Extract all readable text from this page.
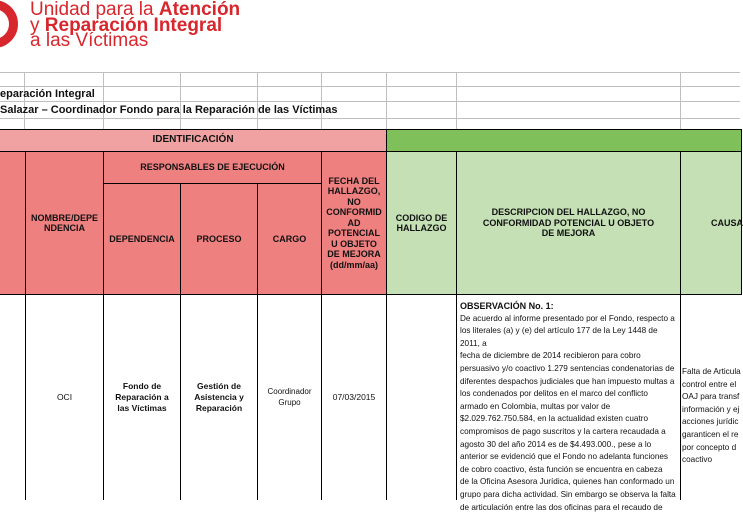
Unidad para la Atención
y Reparación Integral
a las Víctimas
eparación Integral
Salazar – Coordinador Fondo para la Reparación de las Víctimas
IDENTIFICACIÓN
NOMBRE/DEPE NDENCIA
RESPONSABLES DE EJECUCIÓN
DEPENDENCIA	PROCESO	CARGO
FECHA DEL HALLAZGO, NO CONFORMID AD POTENCIAL U OBJETO DE MEJORA (dd/mm/aa)
CODIGO DE HALLAZGO
DESCRIPCION DEL HALLAZGO, NO CONFORMIDAD POTENCIAL U OBJETO DE MEJORA
CAUSA
OCI
Fondo de Reparación a las Víctimas
Gestión de Asistencia y Reparación
Coordinador Grupo
07/03/2015
OBSERVACIÓN No. 1:
De acuerdo al informe presentado por el Fondo, respecto a
los literales (a) y (e) del artículo 177 de la Ley 1448 de 2011, a
fecha de diciembre de 2014 recibieron para cobro
persuasivo y/o coactivo 1.279 sentencias condenatorias de
diferentes despachos judiciales que han impuesto multas a
los condenados por delitos en el marco del conflicto
armado en Colombia, multas por valor de
$2.029.762.750.584, en la actualidad existen cuatro
compromisos de pago suscritos y la cartera recaudada a
agosto 30 del año 2014 es de $4.493.000., pese a lo
anterior se evidenció que el Fondo no adelanta funciones
de cobro coactivo, ésta función se encuentra en cabeza
de la Oficina Asesora Jurídica, quienes han conformado un
grupo para dicha actividad. Sin embargo se observa la falta
de articulación entre las dos oficinas para el recaudo de
Falta de Articula
control entre el
OAJ para transf
información y ej
acciones jurídic
garanticen el re
por concepto d
coactivo
